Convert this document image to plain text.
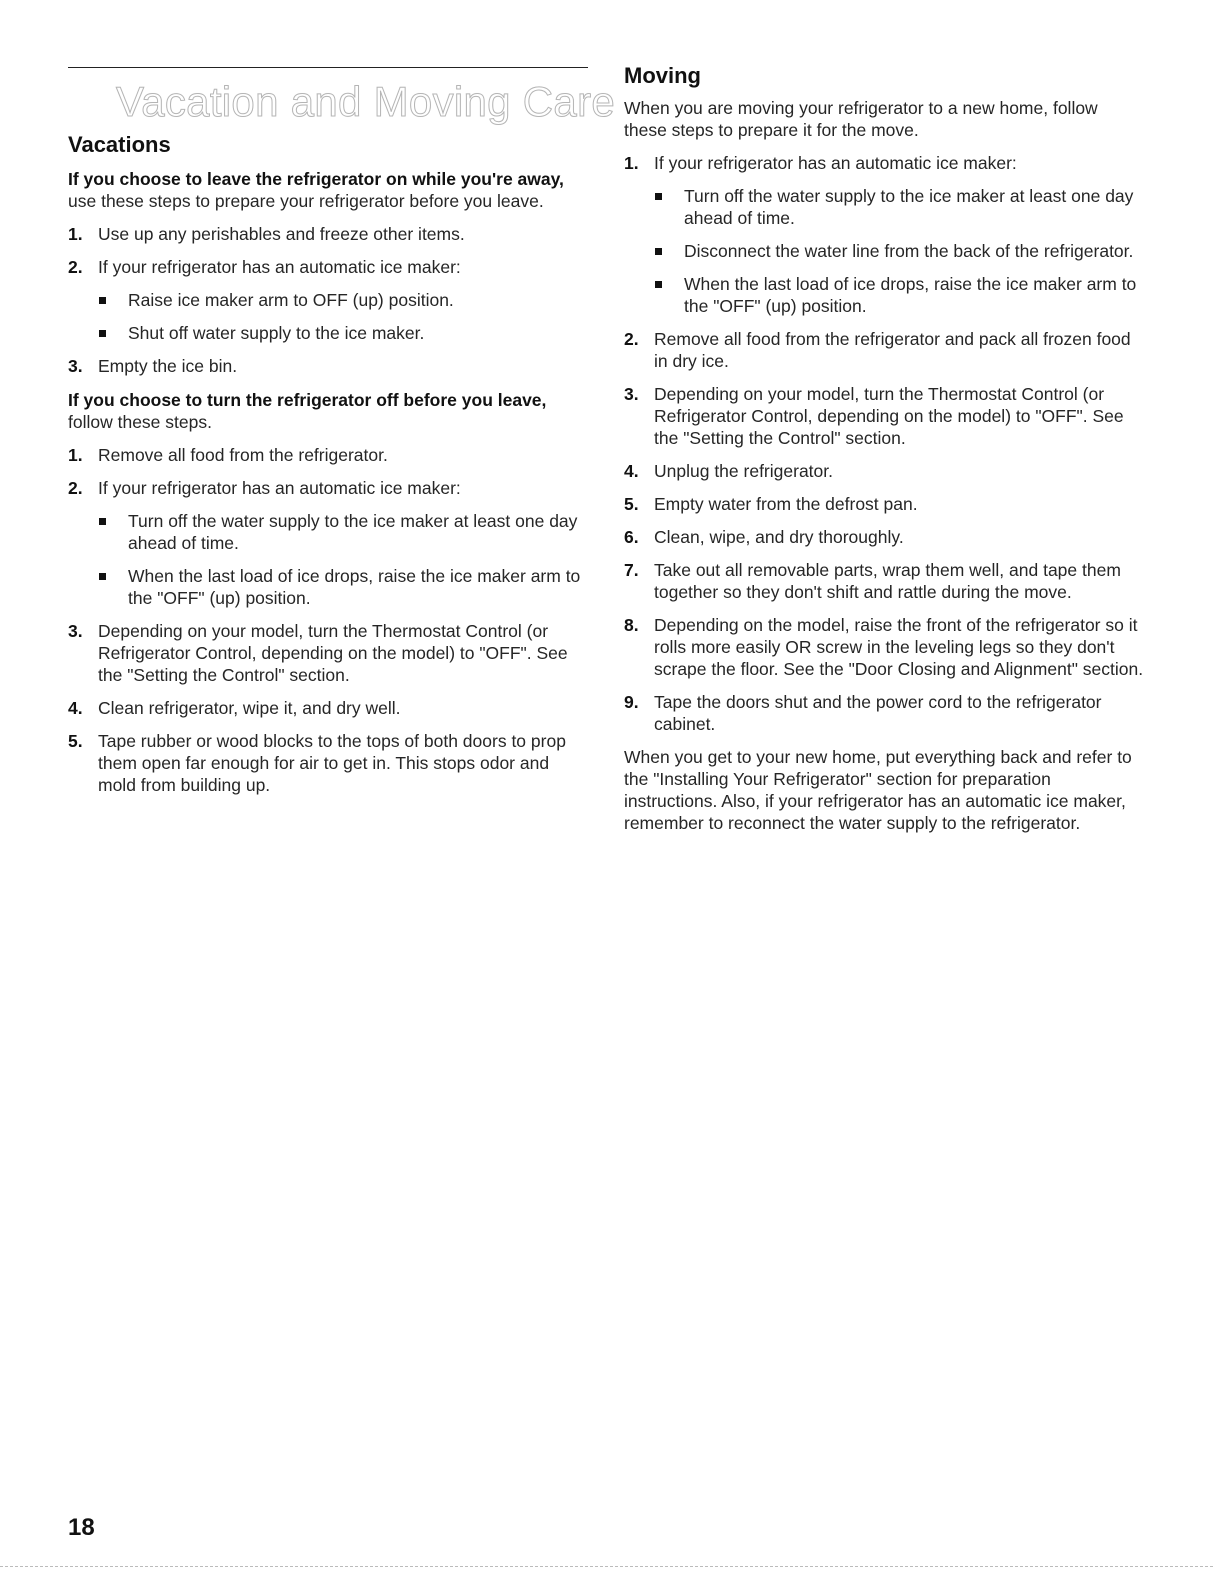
Vacation and Moving Care
Vacations

If you choose to leave the refrigerator on while you're away, use these steps to prepare your refrigerator before you leave.

1. Use up any perishables and freeze other items.
2. If your refrigerator has an automatic ice maker:
Raise ice maker arm to OFF (up) position.
Shut off water supply to the ice maker.
3. Empty the ice bin.

If you choose to turn the refrigerator off before you leave, follow these steps.

1. Remove all food from the refrigerator.
2. If your refrigerator has an automatic ice maker:
Turn off the water supply to the ice maker at least one day ahead of time.
When the last load of ice drops, raise the ice maker arm to the "OFF" (up) position.
3. Depending on your model, turn the Thermostat Control (or Refrigerator Control, depending on the model) to "OFF". See the "Setting the Control" section.
4. Clean refrigerator, wipe it, and dry well.
5. Tape rubber or wood blocks to the tops of both doors to prop them open far enough for air to get in. This stops odor and mold from building up.
Moving

When you are moving your refrigerator to a new home, follow these steps to prepare it for the move.

1. If your refrigerator has an automatic ice maker:
Turn off the water supply to the ice maker at least one day ahead of time.
Disconnect the water line from the back of the refrigerator.
When the last load of ice drops, raise the ice maker arm to the "OFF" (up) position.
2. Remove all food from the refrigerator and pack all frozen food in dry ice.
3. Depending on your model, turn the Thermostat Control (or Refrigerator Control, depending on the model) to "OFF". See the "Setting the Control" section.
4. Unplug the refrigerator.
5. Empty water from the defrost pan.
6. Clean, wipe, and dry thoroughly.
7. Take out all removable parts, wrap them well, and tape them together so they don't shift and rattle during the move.
8. Depending on the model, raise the front of the refrigerator so it rolls more easily OR screw in the leveling legs so they don't scrape the floor. See the "Door Closing and Alignment" section.
9. Tape the doors shut and the power cord to the refrigerator cabinet.

When you get to your new home, put everything back and refer to the "Installing Your Refrigerator" section for preparation instructions. Also, if your refrigerator has an automatic ice maker, remember to reconnect the water supply to the refrigerator.

18
